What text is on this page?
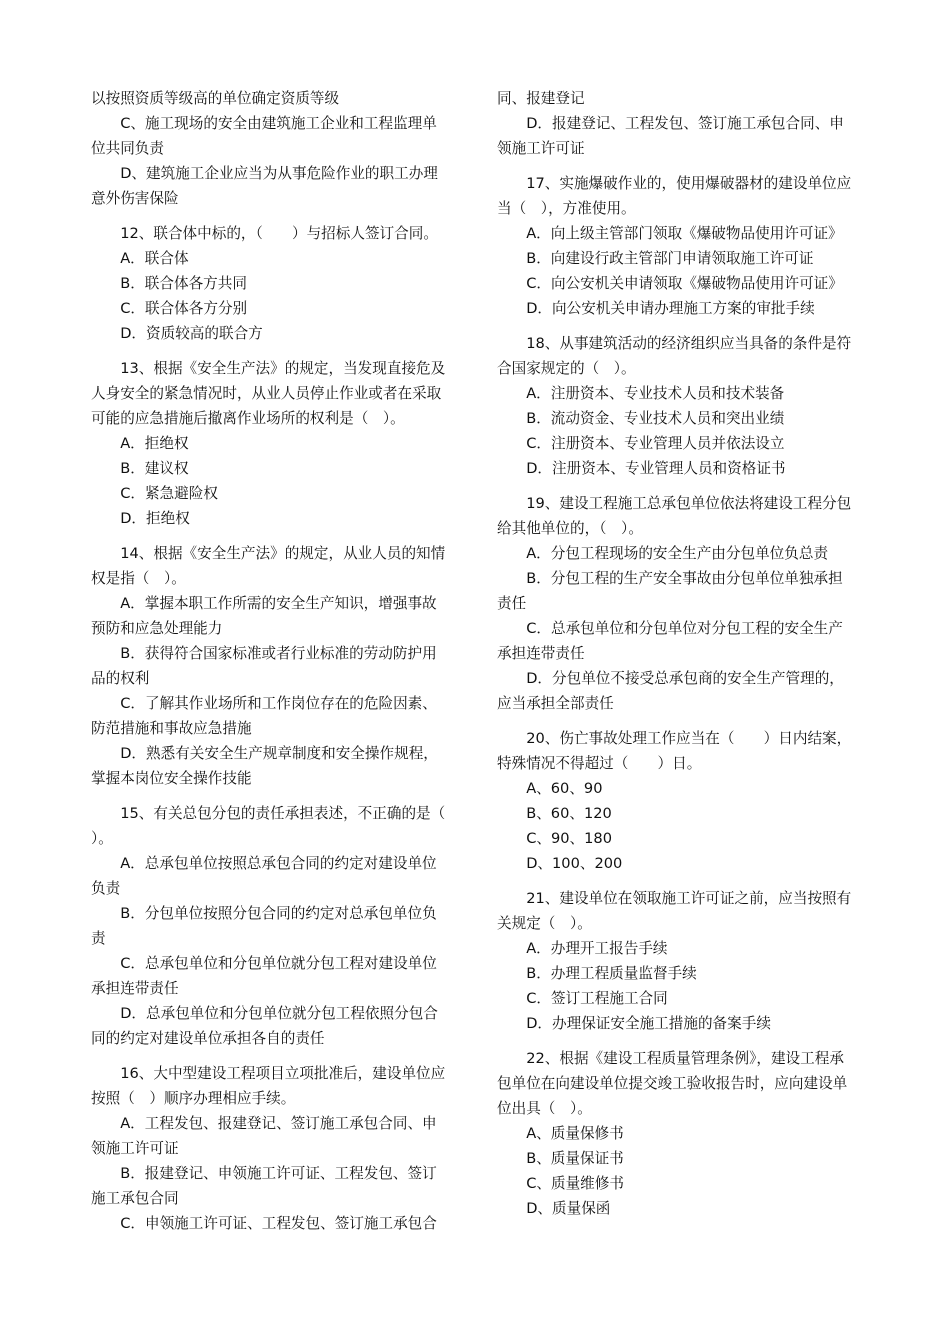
以按照资质等级高的单位确定资质等级

　　C、施工现场的安全由建筑施工企业和工程监理单

位共同负责

　　D、建筑施工企业应当为从事危险作业的职工办理

意外伤害保险

　　12、联合体中标的，（　　）与招标人签订合同。

　　A．联合体

　　B．联合体各方共同

　　C．联合体各方分别

　　D．资质较高的联合方

　　13、根据《安全生产法》的规定，当发现直接危及

人身安全的紧急情况时，从业人员停止作业或者在采取

可能的应急措施后撤离作业场所的权利是（　）。

　　A．拒绝权

　　B．建议权

　　C．紧急避险权

　　D．拒绝权

　　14、根据《安全生产法》的规定，从业人员的知情

权是指（　）。

　　A．掌握本职工作所需的安全生产知识，增强事故

预防和应急处理能力

　　B．获得符合国家标准或者行业标准的劳动防护用

品的权利

　　C．了解其作业场所和工作岗位存在的危险因素、

防范措施和事故应急措施

　　D．熟悉有关安全生产规章制度和安全操作规程，

掌握本岗位安全操作技能

　　15、有关总包分包的责任承担表述，不正确的是（

）。

　　A．总承包单位按照总承包合同的约定对建设单位

负责

　　B．分包单位按照分包合同的约定对总承包单位负

责

　　C．总承包单位和分包单位就分包工程对建设单位

承担连带责任

　　D．总承包单位和分包单位就分包工程依照分包合

同的约定对建设单位承担各自的责任

　　16、大中型建设工程项目立项批准后，建设单位应

按照（　）顺序办理相应手续。

　　A．工程发包、报建登记、签订施工承包合同、申

领施工许可证

　　B．报建登记、申领施工许可证、工程发包、签订

施工承包合同

　　C．申领施工许可证、工程发包、签订施工承包合

同、报建登记

　　D．报建登记、工程发包、签订施工承包合同、申

领施工许可证

　　17、实施爆破作业的，使用爆破器材的建设单位应

当（　），方准使用。

　　A．向上级主管部门领取《爆破物品使用许可证》

　　B．向建设行政主管部门申请领取施工许可证

　　C．向公安机关申请领取《爆破物品使用许可证》

　　D．向公安机关申请办理施工方案的审批手续

　　18、从事建筑活动的经济组织应当具备的条件是符

合国家规定的（　）。

　　A．注册资本、专业技术人员和技术装备

　　B．流动资金、专业技术人员和突出业绩

　　C．注册资本、专业管理人员并依法设立

　　D．注册资本、专业管理人员和资格证书

　　19、建设工程施工总承包单位依法将建设工程分包

给其他单位的，（　）。

　　A．分包工程现场的安全生产由分包单位负总责

　　B．分包工程的生产安全事故由分包单位单独承担

责任

　　C．总承包单位和分包单位对分包工程的安全生产

承担连带责任

　　D．分包单位不接受总承包商的安全生产管理的，

应当承担全部责任

　　20、伤亡事故处理工作应当在（　　）日内结案，

特殊情况不得超过（　　）日。

　　A、60、90

　　B、60、120

　　C、90、180

　　D、100、200

　　21、建设单位在领取施工许可证之前，应当按照有

关规定（　）。

　　A．办理开工报告手续

　　B．办理工程质量监督手续

　　C．签订工程施工合同

　　D．办理保证安全施工措施的备案手续

　　22、根据《建设工程质量管理条例》，建设工程承

包单位在向建设单位提交竣工验收报告时，应向建设单

位出具（　）。

　　A、质量保修书

　　B、质量保证书

　　C、质量维修书

　　D、质量保函
